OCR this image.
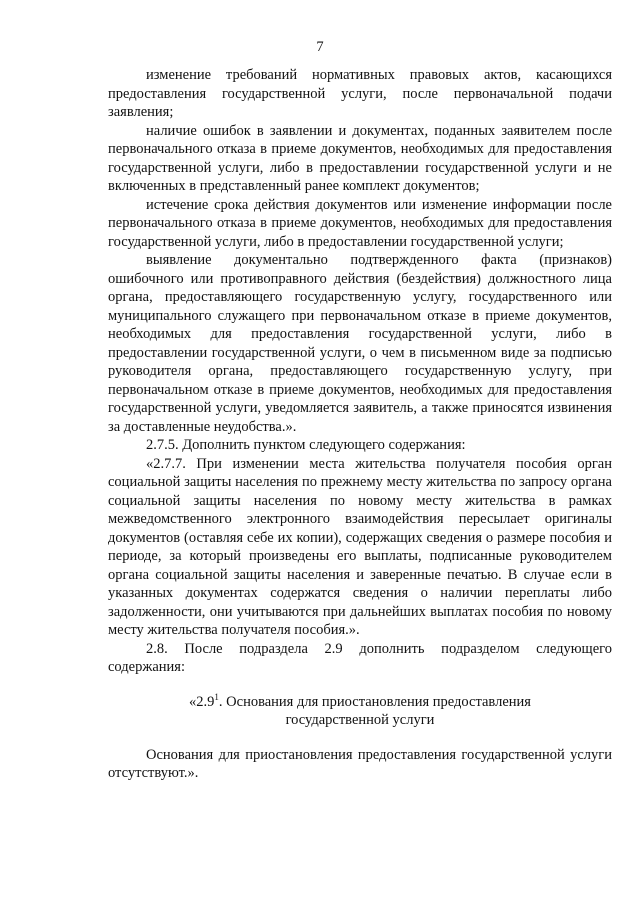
7

изменение требований нормативных правовых актов, касающихся предоставления государственной услуги, после первоначальной подачи заявления;

наличие ошибок в заявлении и документах, поданных заявителем после первоначального отказа в приеме документов, необходимых для предоставления государственной услуги, либо в предоставлении государственной услуги и не включенных в представленный ранее комплект документов;

истечение срока действия документов или изменение информации после первоначального отказа в приеме документов, необходимых для предоставления государственной услуги, либо в предоставлении государственной услуги;

выявление документально подтвержденного факта (признаков) ошибочного или противоправного действия (бездействия) должностного лица органа, предоставляющего государственную услугу, государственного или муниципального служащего при первоначальном отказе в приеме документов, необходимых для предоставления государственной услуги, либо в предоставлении государственной услуги, о чем в письменном виде за подписью руководителя органа, предоставляющего государственную услугу, при первоначальном отказе в приеме документов, необходимых для предоставления государственной услуги, уведомляется заявитель, а также приносятся извинения за доставленные неудобства.».

2.7.5. Дополнить пунктом следующего содержания:

«2.7.7. При изменении места жительства получателя пособия орган социальной защиты населения по прежнему месту жительства по запросу органа социальной защиты населения по новому месту жительства в рамках межведомственного электронного взаимодействия пересылает оригиналы документов (оставляя себе их копии), содержащих сведения о размере пособия и периоде, за который произведены его выплаты, подписанные руководителем органа социальной защиты населения и заверенные печатью. В случае если в указанных документах содержатся сведения о наличии переплаты либо задолженности, они учитываются при дальнейших выплатах пособия по новому месту жительства получателя пособия.».

2.8. После подраздела 2.9 дополнить подразделом следующего содержания:

«$2.9^1$. Основания для приостановления предоставления
государственной услуги

Основания для приостановления предоставления государственной услуги отсутствуют.».
